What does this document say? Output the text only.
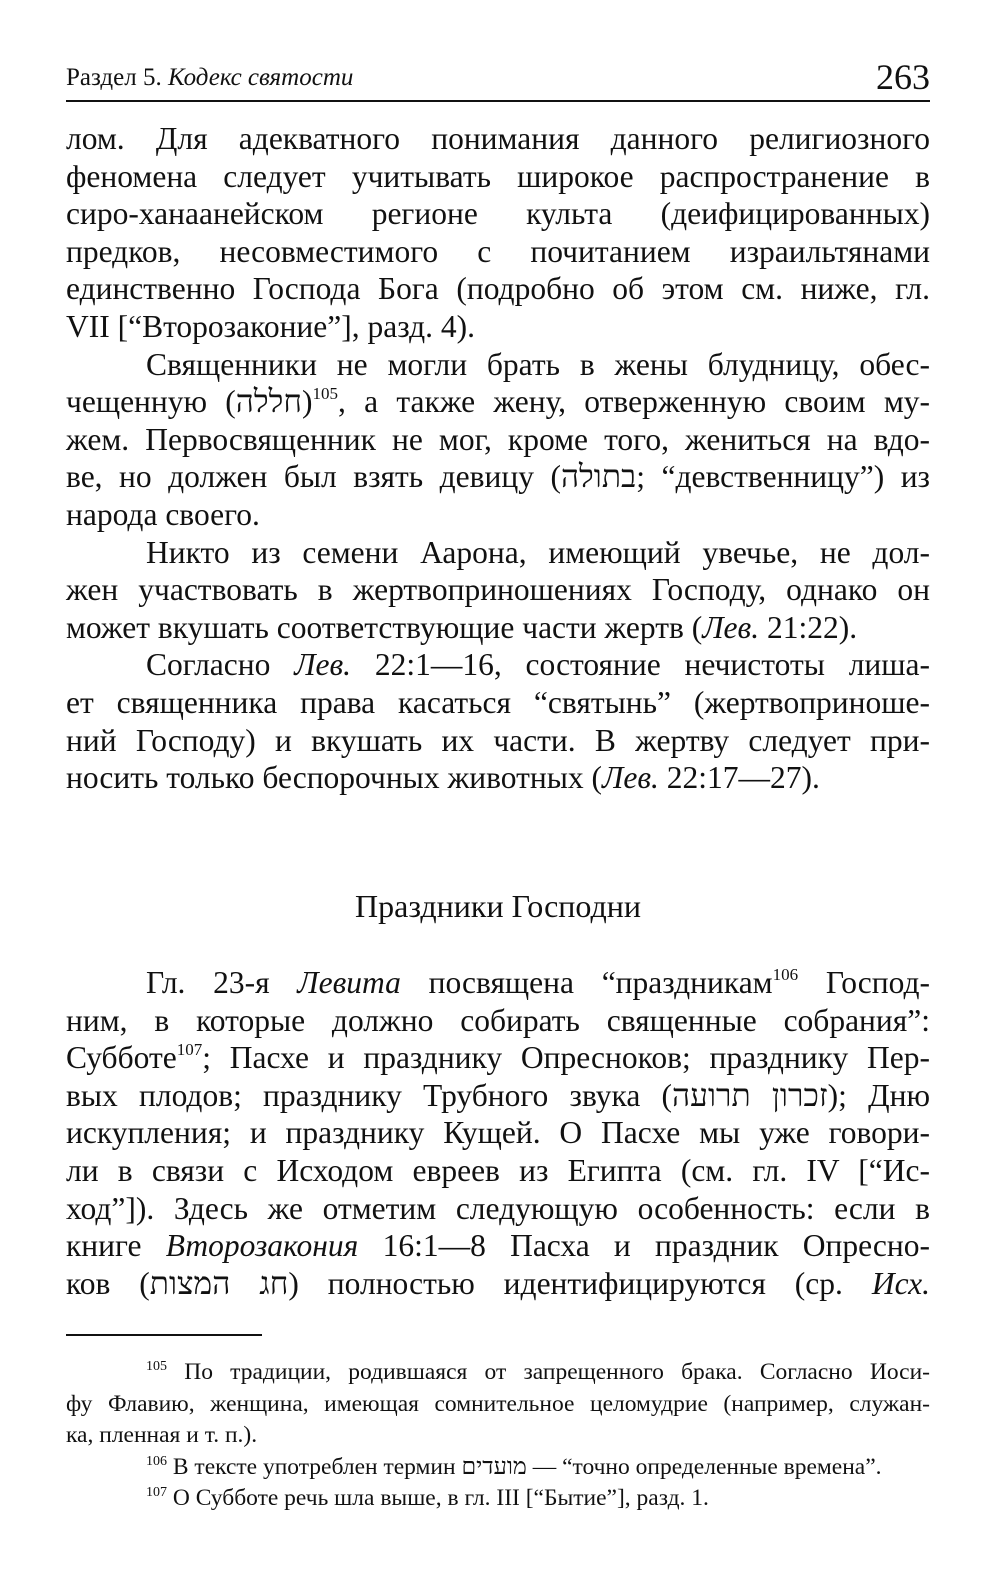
Раздел 5. Кодекс святости	263
лом. Для адекватного понимания данного религиозного
феномена следует учитывать широкое распространение в
сиро-ханаанейском регионе культа (деифицированных)
предков, несовместимого с почитанием израильтянами
единственно Господа Бога (подробно об этом см. ниже, гл.
VII [“Второзаконие”], разд. 4).
Священники не могли брать в жены блудницу, обес-
чещенную (חללה)$^{105}$, а также жену, отверженную своим му-
жем. Первосвященник не мог, кроме того, жениться на вдо-
ве, но должен был взять девицу (בתולה; “девственницу”) из
народа своего.
Никто из семени Аарона, имеющий увечье, не дол-
жен участвовать в жертвоприношениях Господу, однако он
может вкушать соответствующие части жертв (Лев. 21:22).
Согласно Лев. 22:1—16, состояние нечистоты лиша-
ет священника права касаться “святынь” (жертвоприноше-
ний Господу) и вкушать их части. В жертву следует при-
носить только беспорочных животных (Лев. 22:17—27).
Праздники Господни
Гл. 23-я Левита посвящена “праздникам$^{106}$ Господ-
ним, в которые должно собирать священные собрания”:
Субботе$^{107}$; Пасхе и празднику Опресноков; празднику Пер-
вых плодов; празднику Трубного звука (זכרון תרועה); Дню
искупления; и празднику Кущей. О Пасхе мы уже говори-
ли в связи с Исходом евреев из Египта (см. гл. IV [“Ис-
ход”]). Здесь же отметим следующую особенность: если в
книге Второзакония 16:1—8 Пасха и праздник Опресно-
ков (חג המצות) полностью идентифицируются (ср. Исх.
$^{105}$ По традиции, родившаяся от запрещенного брака. Согласно Иоси-
фу Флавию, женщина, имеющая сомнительное целомудрие (например, служан-
ка, пленная и т. п.).
$^{106}$ В тексте употреблен термин מועדים — “точно определенные времена”.
$^{107}$ О Субботе речь шла выше, в гл. III [“Бытие”], разд. 1.
